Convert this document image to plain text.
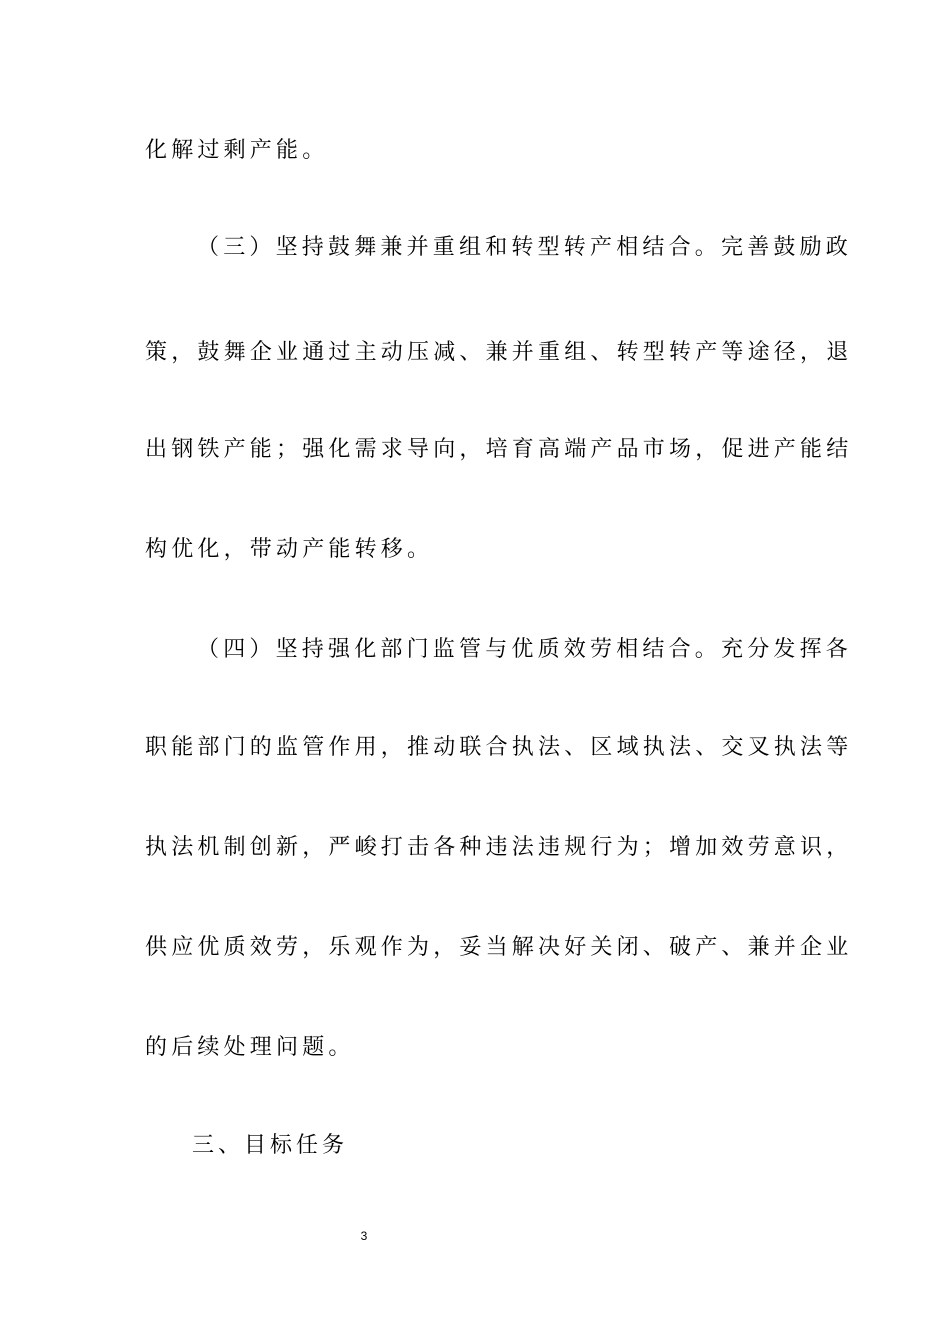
化解过剩产能。
（三）坚持鼓舞兼并重组和转型转产相结合。完善鼓励政
策，鼓舞企业通过主动压减、兼并重组、转型转产等途径，退
出钢铁产能；强化需求导向，培育高端产品市场，促进产能结
构优化，带动产能转移。
（四）坚持强化部门监管与优质效劳相结合。充分发挥各
职能部门的监管作用，推动联合执法、区域执法、交叉执法等
执法机制创新，严峻打击各种违法违规行为；增加效劳意识，
供应优质效劳，乐观作为，妥当解决好关闭、破产、兼并企业
的后续处理问题。
三、目标任务
3
